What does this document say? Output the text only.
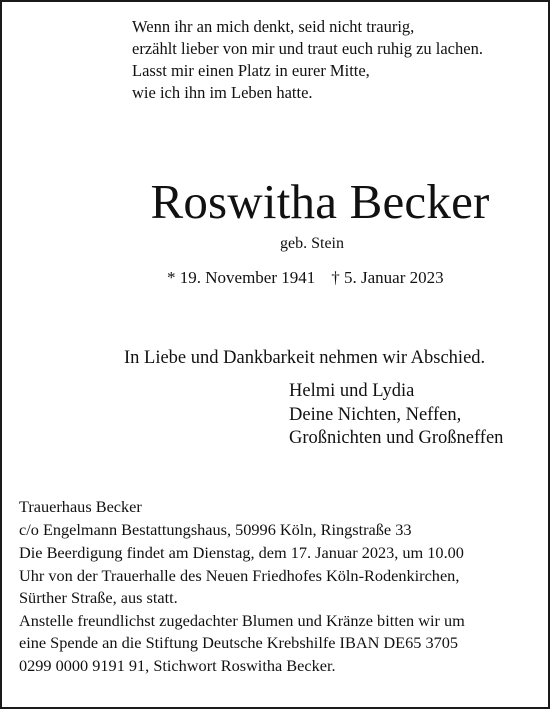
Wenn ihr an mich denkt, seid nicht traurig,
erzählt lieber von mir und traut euch ruhig zu lachen.
Lasst mir einen Platz in eurer Mitte,
wie ich ihn im Leben hatte.
Roswitha Becker
geb. Stein
* 19. November 1941 † 5. Januar 2023
In Liebe und Dankbarkeit nehmen wir Abschied.
Helmi und Lydia
Deine Nichten, Neffen,
Großnichten und Großneffen
Trauerhaus Becker
c/o Engelmann Bestattungshaus, 50996 Köln, Ringstraße 33
Die Beerdigung findet am Dienstag, dem 17. Januar 2023, um 10.00
Uhr von der Trauerhalle des Neuen Friedhofes Köln-Rodenkirchen,
Sürther Straße, aus statt.
Anstelle freundlichst zugedachter Blumen und Kränze bitten wir um
eine Spende an die Stiftung Deutsche Krebshilfe IBAN DE65 3705
0299 0000 9191 91, Stichwort Roswitha Becker.
